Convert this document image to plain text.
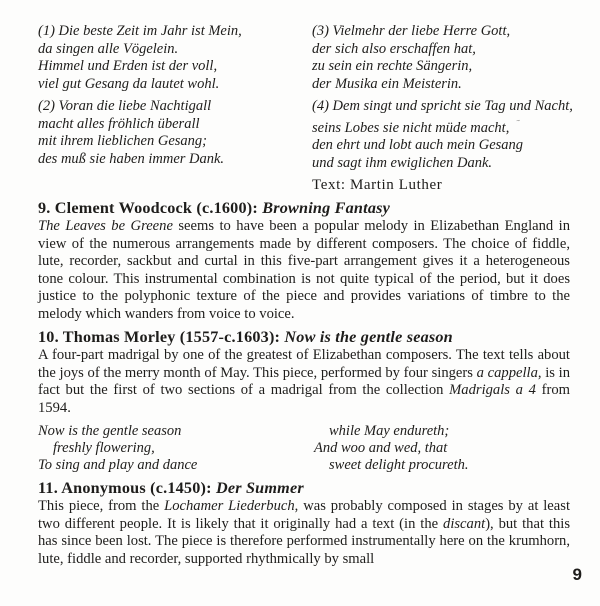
(1) Die beste Zeit im Jahr ist Mein,
da singen alle Vögelein.
Himmel und Erden ist der voll,
viel gut Gesang da lautet wohl.
(2) Voran die liebe Nachtigall
macht alles fröhlich überall
mit ihrem lieblichen Gesang;
des muß sie haben immer Dank.
(3) Vielmehr der liebe Herre Gott,
der sich also erschaffen hat,
zu sein ein rechte Sängerin,
der Musika ein Meisterin.
(4) Dem singt und spricht sie Tag und Nacht,
seins Lobes sie nicht müde macht, ˜
den ehrt und lobt auch mein Gesang
und sagt ihm ewiglichen Dank.
Text: Martin Luther
9. Clement Woodcock (c.1600): Browning Fantasy

The Leaves be Greene seems to have been a popular melody in Elizabethan England in view of the numerous arrangements made by different composers. The choice of fiddle, lute, recorder, sackbut and curtal in this five-part arrangement gives it a heterogeneous tone colour. This instrumental combination is not quite typical of the period, but it does justice to the polyphonic texture of the piece and provides variations of timbre to the melody which wanders from voice to voice.

10. Thomas Morley (1557-c.1603): Now is the gentle season

A four-part madrigal by one of the greatest of Elizabethan composers. The text tells about the joys of the merry month of May. This piece, performed by four singers a cappella, is in fact but the first of two sections of a madrigal from the collection Madrigals a 4 from 1594.

Now is the gentle season
freshly flowering,
To sing and play and dance
while May endureth;
And woo and wed, that
sweet delight procureth.
11. Anonymous (c.1450): Der Summer

This piece, from the Lochamer Liederbuch, was probably composed in stages by at least two different people. It is likely that it originally had a text (in the discant), but that this has since been lost. The piece is therefore performed instrumentally here on the krumhorn, lute, fiddle and recorder, supported rhythmically by small

9
